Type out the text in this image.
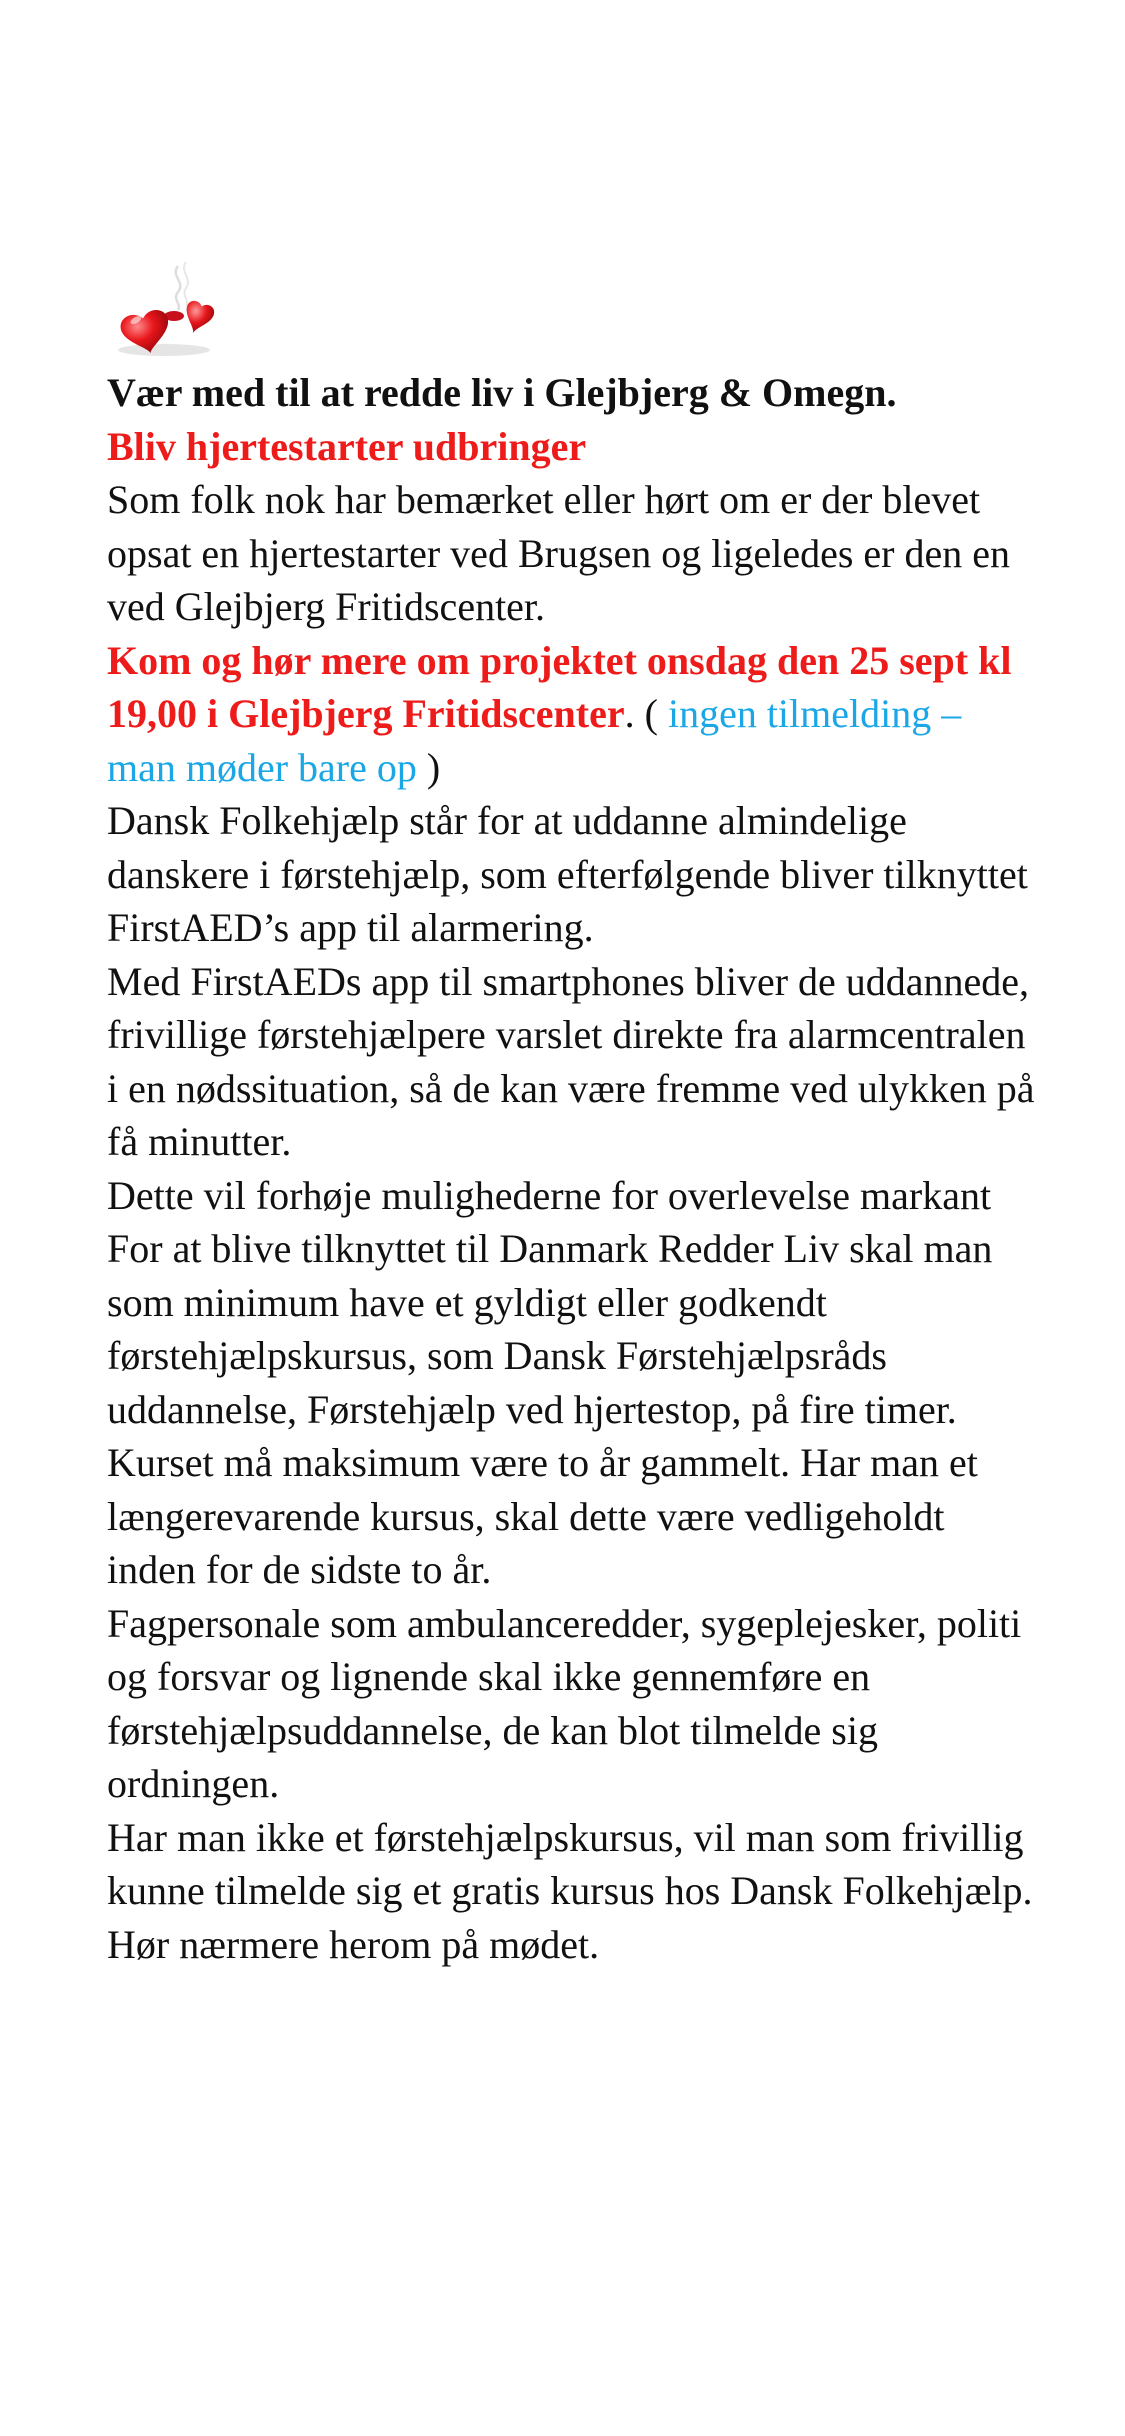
Vær med til at redde liv i Glejbjerg & Omegn.

Bliv hjertestarter udbringer

Som folk nok har bemærket eller hørt om er der blevet opsat en hjertestarter ved Brugsen og ligeledes er den en ved Glejbjerg Fritidscenter.

Kom og hør mere om projektet onsdag den 25 sept kl 19,00 i Glejbjerg Fritidscenter. ( ingen tilmelding – man møder bare op )

Dansk Folkehjælp står for at uddanne almindelige danskere i førstehjælp, som efterfølgende bliver tilknyttet FirstAED’s app til alarmering.

Med FirstAEDs app til smartphones bliver de uddannede, frivillige førstehjælpere varslet direkte fra alarmcentralen i en nødssituation, så de kan være fremme ved ulykken på få minutter.

Dette vil forhøje mulighederne for overlevelse markant

For at blive tilknyttet til Danmark Redder Liv skal man som minimum have et gyldigt eller godkendt førstehjælpskursus, som Dansk Førstehjælpsråds uddannelse, Førstehjælp ved hjertestop, på fire timer. Kurset må maksimum være to år gammelt. Har man et længerevarende kursus, skal dette være vedligeholdt inden for de sidste to år.

Fagpersonale som ambulanceredder, sygeplejesker, politi og forsvar og lignende skal ikke gennemføre en førstehjælpsuddannelse, de kan blot tilmelde sig ordningen.

Har man ikke et førstehjælpskursus, vil man som frivillig kunne tilmelde sig et gratis kursus hos Dansk Folkehjælp. Hør nærmere herom på mødet.
